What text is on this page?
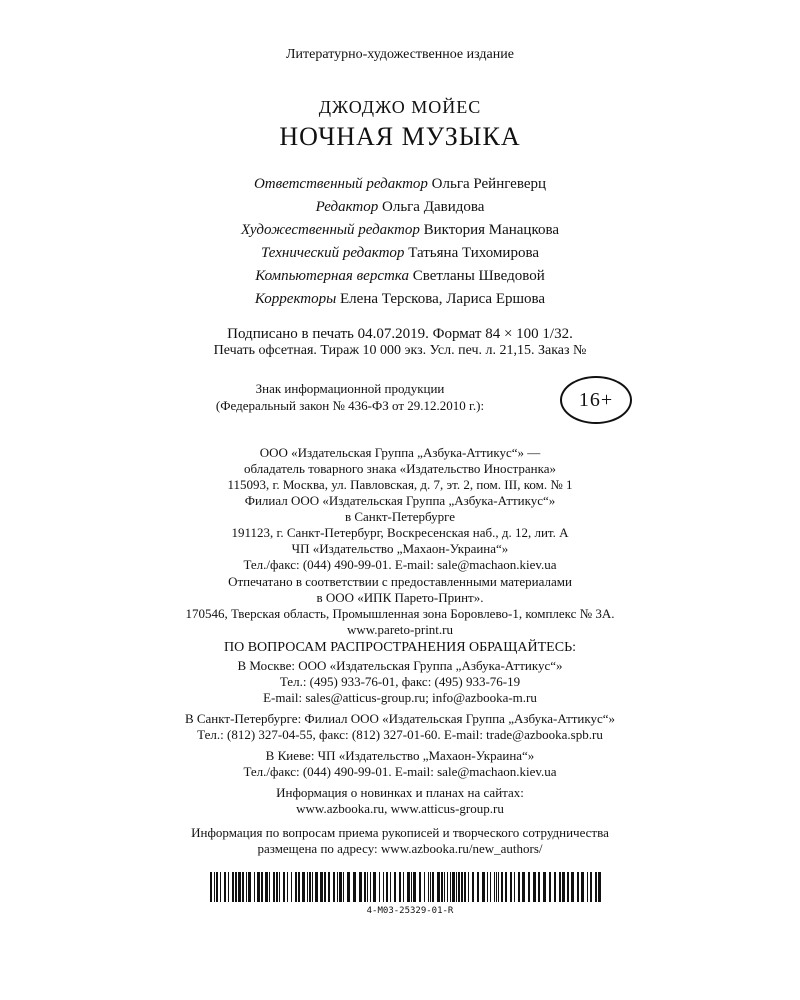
Литературно-художественное издание
ДЖОДЖО МОЙЕС
НОЧНАЯ МУЗЫКА
Ответственный редактор Ольга Рейнгеверц
Редактор Ольга Давидова
Художественный редактор Виктория Манацкова
Технический редактор Татьяна Тихомирова
Компьютерная верстка Светланы Шведовой
Корректоры Елена Терскова, Лариса Ершова
Подписано в печать 04.07.2019. Формат 84 × 100 1/32.
Печать офсетная. Тираж 10 000 экз. Усл. печ. л. 21,15. Заказ №
Знак информационной продукции
(Федеральный закон № 436-ФЗ от 29.12.2010 г.):	16+
ООО «Издательская Группа „Азбука-Аттикус“» —
обладатель товарного знака «Издательство Иностранка»
115093, г. Москва, ул. Павловская, д. 7, эт. 2, пом. III, ком. № 1
Филиал ООО «Издательская Группа „Азбука-Аттикус“»
в Санкт-Петербурге
191123, г. Санкт-Петербург, Воскресенская наб., д. 12, лит. А
ЧП «Издательство „Махаон-Украина“»
Тел./факс: (044) 490-99-01. E-mail: sale@machaon.kiev.ua
Отпечатано в соответствии с предоставленными материалами
в ООО «ИПК Парето-Принт».
170546, Тверская область, Промышленная зона Боровлево-1, комплекс № 3А.
www.pareto-print.ru
ПО ВОПРОСАМ РАСПРОСТРАНЕНИЯ ОБРАЩАЙТЕСЬ:
В Москве: ООО «Издательская Группа „Азбука-Аттикус“»
Тел.: (495) 933-76-01, факс: (495) 933-76-19
E-mail: sales@atticus-group.ru; info@azbooka-m.ru
В Санкт-Петербурге: Филиал ООО «Издательская Группа „Азбука-Аттикус“»
Тел.: (812) 327-04-55, факс: (812) 327-01-60. E-mail: trade@azbooka.spb.ru
В Киеве: ЧП «Издательство „Махаон-Украина“»
Тел./факс: (044) 490-99-01. E-mail: sale@machaon.kiev.ua
Информация о новинках и планах на сайтах:
www.azbooka.ru, www.atticus-group.ru
Информация по вопросам приема рукописей и творческого сотрудничества
размещена по адресу: www.azbooka.ru/new_authors/
4-M03-25329-01-R
